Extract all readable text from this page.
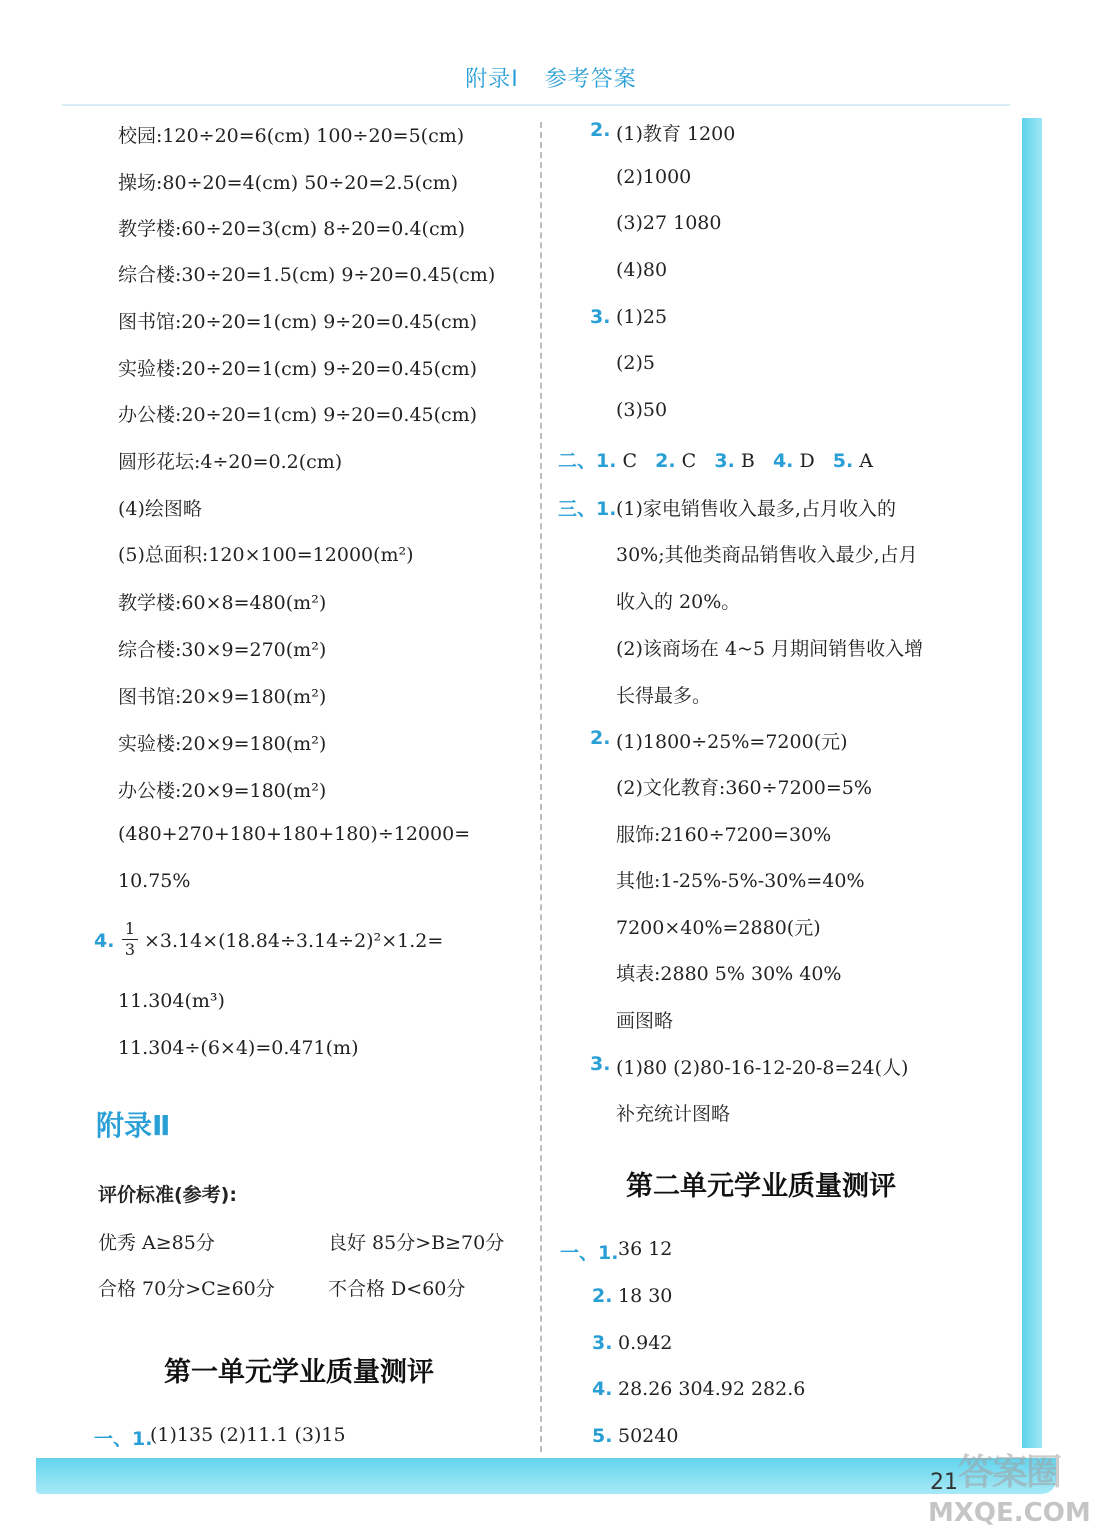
附录Ⅰ 参考答案
校园:120÷20=6(cm) 100÷20=5(cm)
操场:80÷20=4(cm) 50÷20=2.5(cm)
教学楼:60÷20=3(cm) 8÷20=0.4(cm)
综合楼:30÷20=1.5(cm) 9÷20=0.45(cm)
图书馆:20÷20=1(cm) 9÷20=0.45(cm)
实验楼:20÷20=1(cm) 9÷20=0.45(cm)
办公楼:20÷20=1(cm) 9÷20=0.45(cm)
圆形花坛:4÷20=0.2(cm)
(4)绘图略
(5)总面积:120×100=12000(m²)
教学楼:60×8=480(m²)
综合楼:30×9=270(m²)
图书馆:20×9=180(m²)
实验楼:20×9=180(m²)
办公楼:20×9=180(m²)
(480+270+180+180+180)÷12000=
10.75%
4.
1
3 ×3.14×(18.84÷3.14÷2)²×1.2=
11.304(m³)
11.304÷(6×4)=0.471(m)
附录Ⅱ
评价标准(参考):
优秀 A≥85分	良好 85分>B≥70分
合格 70分>C≥60分	不合格 D<60分
第一单元学业质量测评
一、1.
(1)135 (2)11.1 (3)15
2. (1)教育 1200
(2)1000
(3)27 1080
(4)80
3. (1)25
(2)5
(3)50
二、1. C 2. C 3. B 4. D 5. A
三、1. (1)家电销售收入最多,占月收入的
30%;其他类商品销售收入最少,占月
收入的 20%。
(2)该商场在 4~5 月期间销售收入增
长得最多。
2. (1)1800÷25%=7200(元)
(2)文化教育:360÷7200=5%
服饰:2160÷7200=30%
其他:1-25%-5%-30%=40%
7200×40%=2880(元)
填表:2880 5% 30% 40%
画图略
3. (1)80 (2)80-16-12-20-8=24(人)
补充统计图略
第二单元学业质量测评
一、1. 36 12
2. 18 30
3. 0.942
4. 28.26 304.92 282.6
5. 50240
21 答案圈
MXQE.COM
